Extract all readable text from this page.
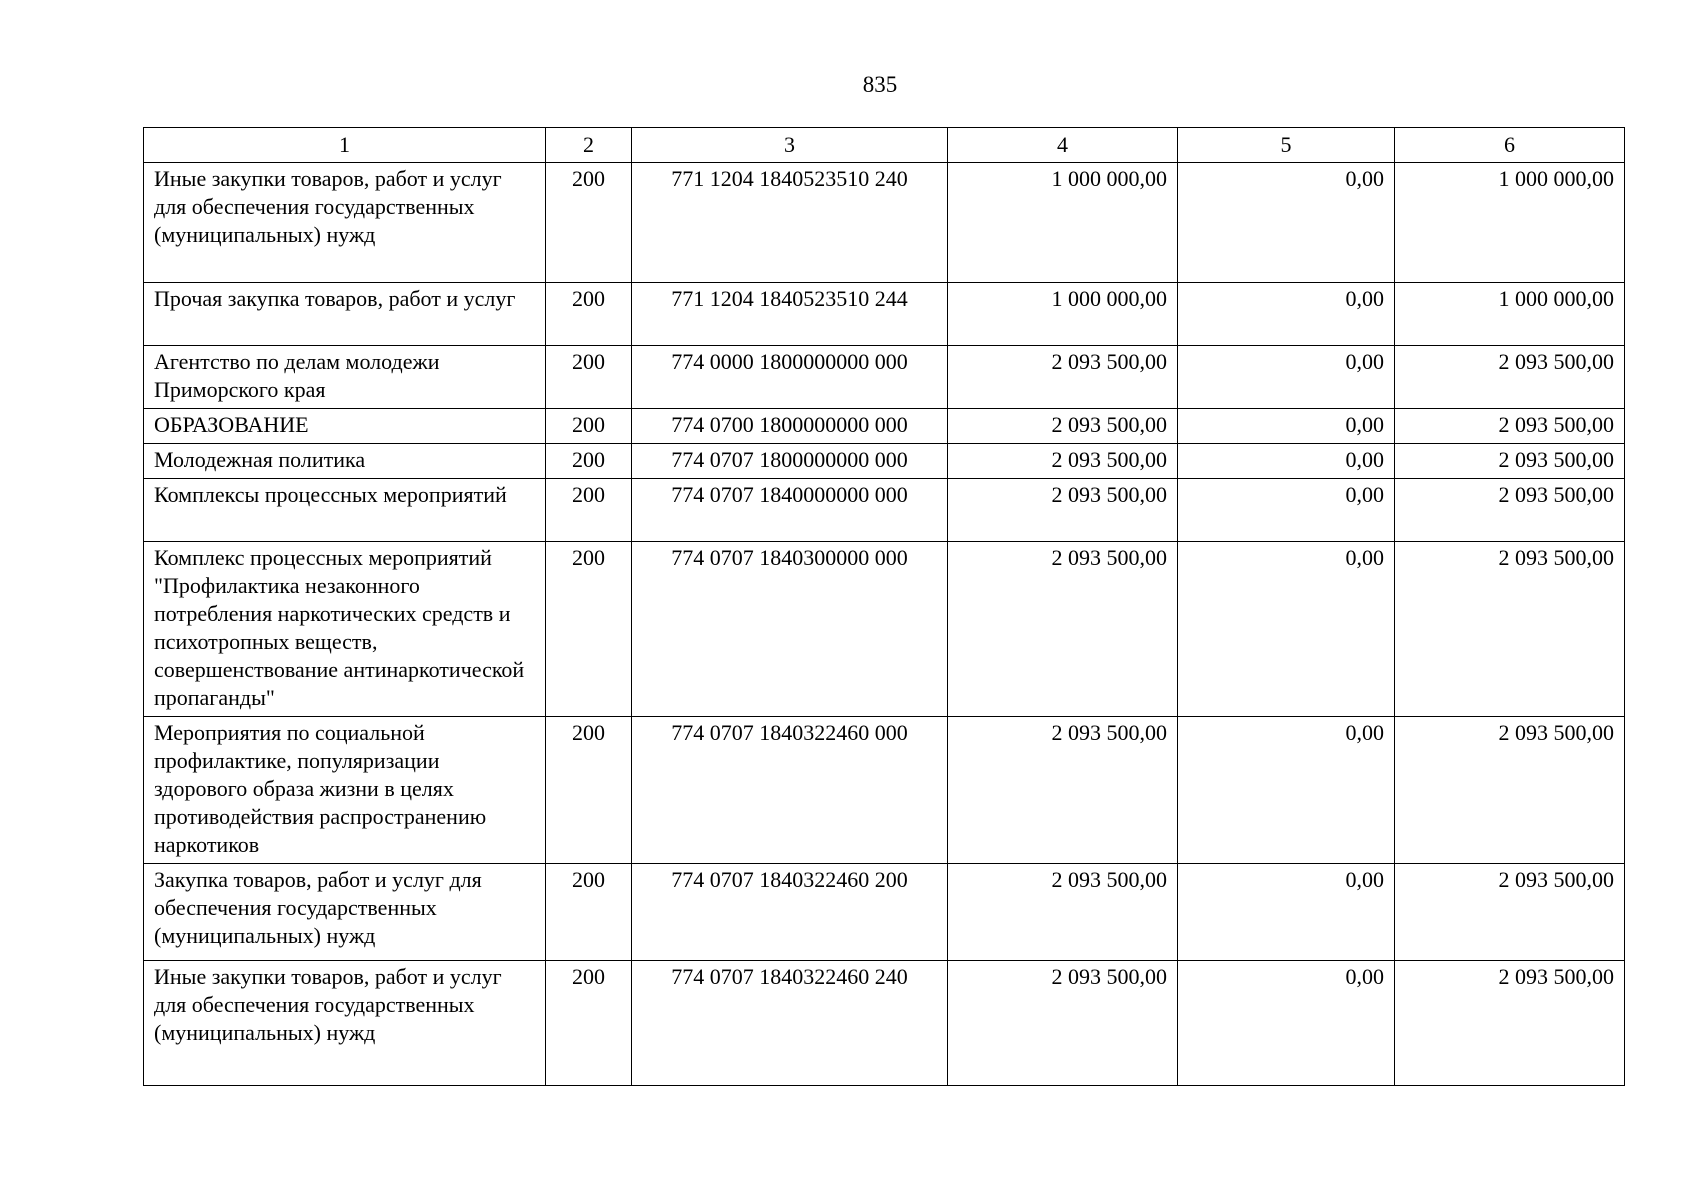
835
1	2	3	4	5	6
Иные закупки товаров, работ и услуг для обеспечения государственных (муниципальных) нужд	200	771 1204 1840523510 240	1 000 000,00	0,00	1 000 000,00
Прочая закупка товаров, работ и услуг	200	771 1204 1840523510 244	1 000 000,00	0,00	1 000 000,00
Агентство по делам молодежи Приморского края	200	774 0000 1800000000 000	2 093 500,00	0,00	2 093 500,00
ОБРАЗОВАНИЕ	200	774 0700 1800000000 000	2 093 500,00	0,00	2 093 500,00
Молодежная политика	200	774 0707 1800000000 000	2 093 500,00	0,00	2 093 500,00
Комплексы процессных мероприятий	200	774 0707 1840000000 000	2 093 500,00	0,00	2 093 500,00
Комплекс процессных мероприятий "Профилактика незаконного потребления наркотических средств и психотропных веществ, совершенствование антинаркотической пропаганды"	200	774 0707 1840300000 000	2 093 500,00	0,00	2 093 500,00
Мероприятия по социальной профилактике, популяризации здорового образа жизни в целях противодействия распространению наркотиков	200	774 0707 1840322460 000	2 093 500,00	0,00	2 093 500,00
Закупка товаров, работ и услуг для обеспечения государственных (муниципальных) нужд	200	774 0707 1840322460 200	2 093 500,00	0,00	2 093 500,00
Иные закупки товаров, работ и услуг для обеспечения государственных (муниципальных) нужд	200	774 0707 1840322460 240	2 093 500,00	0,00	2 093 500,00
